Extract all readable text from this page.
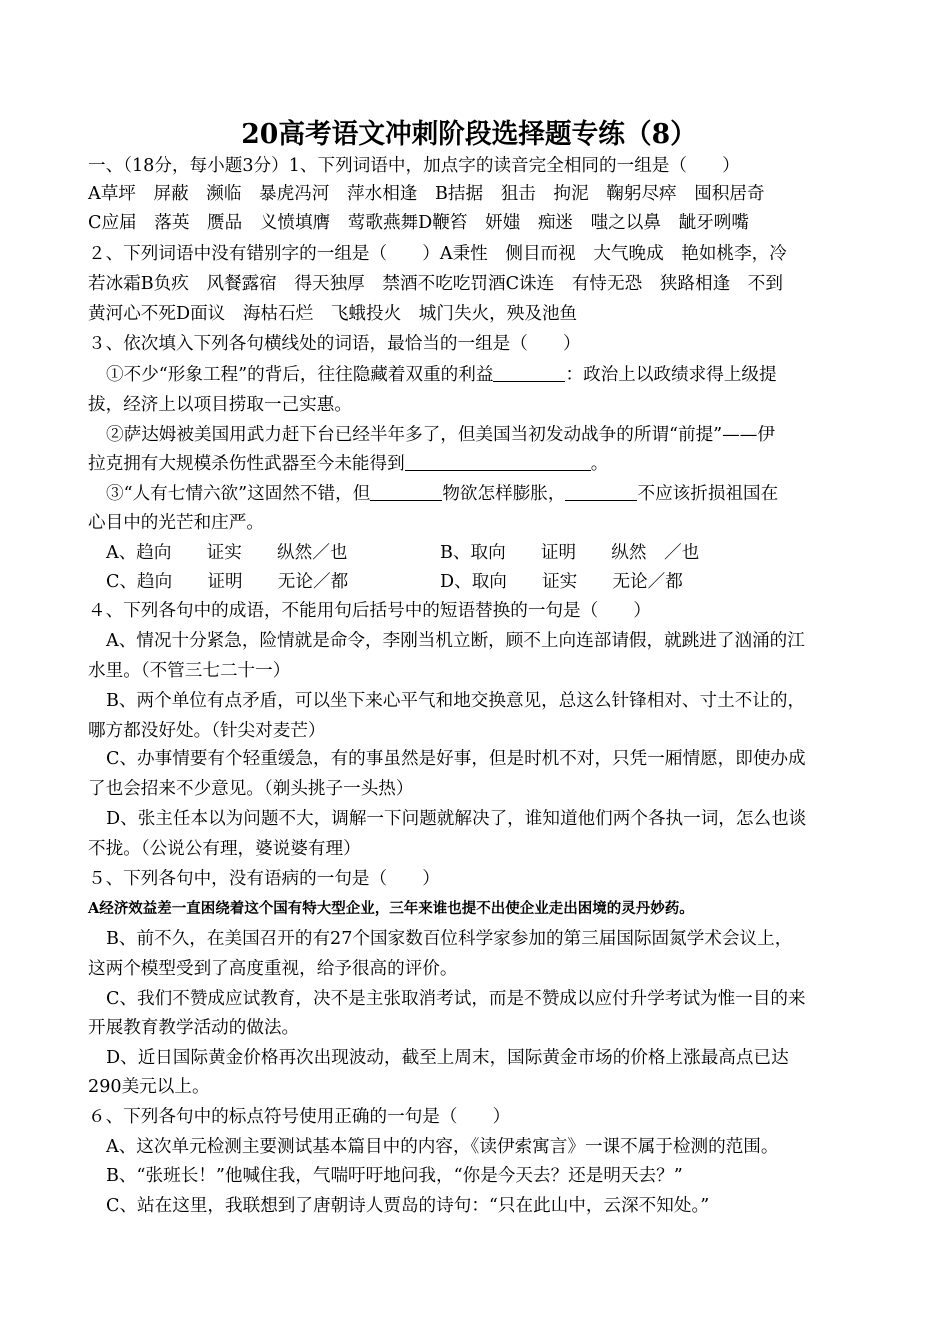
20高考语文冲刺阶段选择题专练（8）
一、（18分，每小题3分）1、下列词语中，加点字的读音完全相同的一组是（　　）
A草坪　屏蔽　濒临　暴虎冯河　萍水相逢　B拮据　狙击　拘泥　鞠躬尽瘁　囤积居奇
C应届　落英　赝品　义愤填膺　莺歌燕舞D鞭笞　妍媸　痴迷　嗤之以鼻　龇牙咧嘴
２、下列词语中没有错别字的一组是（　　）A秉性　侧目而视　大气晚成　艳如桃李，冷
若冰霜B负疚　风餐露宿　得天独厚　禁酒不吃吃罚酒C诛连　有恃无恐　狭路相逢　不到
黄河心不死D面议　海枯石烂　飞蛾投火　城门失火，殃及池鱼
３、依次填入下列各句横线处的词语，最恰当的一组是（　　）
①不少“形象工程”的背后，往往隐藏着双重的利益	：政治上以政绩求得上级提
拔，经济上以项目捞取一己实惠。
②萨达姆被美国用武力赶下台已经半年多了，但美国当初发动战争的所谓“前提”——伊
拉克拥有大规模杀伤性武器至今未能得到	。
③“人有七情六欲”这固然不错，但	物欲怎样膨胀，	不应该折损祖国在
心目中的光芒和庄严。
A、趋向　　证实　　纵然／也	B、取向　　证明　　纵然　／也
C、趋向　　证明　　无论／都	D、取向　　证实　　无论／都
４、下列各句中的成语，不能用句后括号中的短语替换的一句是（　　）
A、情况十分紧急，险情就是命令，李刚当机立断，顾不上向连部请假，就跳进了汹涌的江
水里。（不管三七二十一）
B、两个单位有点矛盾，可以坐下来心平气和地交换意见，总这么针锋相对、寸土不让的，
哪方都没好处。（针尖对麦芒）
C、办事情要有个轻重缓急，有的事虽然是好事，但是时机不对，只凭一厢情愿，即使办成
了也会招来不少意见。（剃头挑子一头热）
D、张主任本以为问题不大，调解一下问题就解决了，谁知道他们两个各执一词，怎么也谈
不拢。（公说公有理，婆说婆有理）
５、下列各句中，没有语病的一句是（　　）
A经济效益差一直困绕着这个国有特大型企业，三年来谁也提不出使企业走出困境的灵丹妙药。
B、前不久，在美国召开的有27个国家数百位科学家参加的第三届国际固氮学术会议上，
这两个模型受到了高度重视，给予很高的评价。
C、我们不赞成应试教育，决不是主张取消考试，而是不赞成以应付升学考试为惟一目的来
开展教育教学活动的做法。
D、近日国际黄金价格再次出现波动，截至上周末，国际黄金市场的价格上涨最高点已达
290美元以上。
６、下列各句中的标点符号使用正确的一句是（　　）
A、这次单元检测主要测试基本篇目中的内容，《读伊索寓言》一课不属于检测的范围。
B、“张班长！”他喊住我，气喘吁吁地问我，“你是今天去？还是明天去？”
C、站在这里，我联想到了唐朝诗人贾岛的诗句：“只在此山中，云深不知处。”
